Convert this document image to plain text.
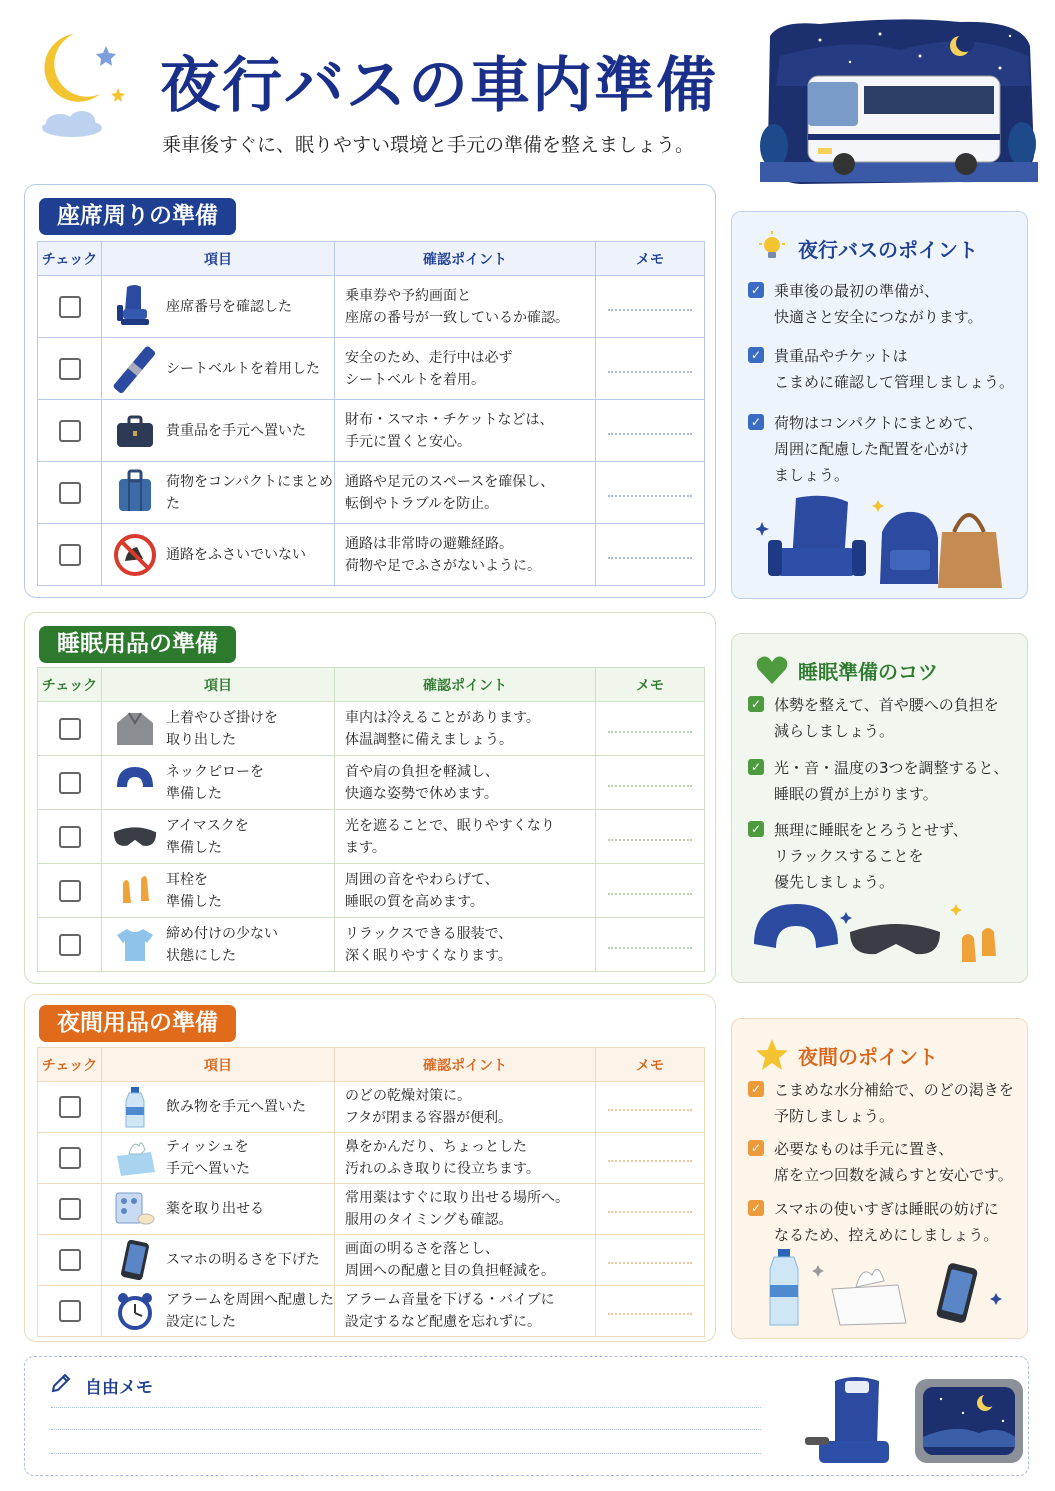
夜行バスの車内準備
乗車後すぐに、眠りやすい環境と手元の準備を整えましょう。
座席周りの準備
チェック	項目	確認ポイント	メモ

	座席番号を確認した	乗車券や予約画面と
座席の番号が一致しているか確認。	

	シートベルトを着用した	安全のため、走行中は必ず
シートベルトを着用。	

	貴重品を手元へ置いた	財布・スマホ・チケットなどは、
手元に置くと安心。	

	荷物をコンパクトにまとめた	通路や足元のスペースを確保し、
転倒やトラブルを防止。	

	通路をふさいでいない	通路は非常時の避難経路。
荷物や足でふさがないように。	
睡眠用品の準備
チェック	項目	確認ポイント	メモ

	上着やひざ掛けを
取り出した	車内は冷えることがあります。
体温調整に備えましょう。	

	ネックピローを
準備した	首や肩の負担を軽減し、
快適な姿勢で休めます。	

	アイマスクを
準備した	光を遮ることで、眠りやすくなり
ます。	

	耳栓を
準備した	周囲の音をやわらげて、
睡眠の質を高めます。	

	締め付けの少ない
状態にした	リラックスできる服装で、
深く眠りやすくなります。	
夜間用品の準備
チェック	項目	確認ポイント	メモ

	飲み物を手元へ置いた	のどの乾燥対策に。
フタが閉まる容器が便利。	

	ティッシュを
手元へ置いた	鼻をかんだり、ちょっとした
汚れのふき取りに役立ちます。	

	薬を取り出せる	常用薬はすぐに取り出せる場所へ。
服用のタイミングも確認。	

	スマホの明るさを下げた	画面の明るさを落とし、
周囲への配慮と目の負担軽減を。	

	アラームを周囲へ配慮した
設定にした	アラーム音量を下げる・バイブに
設定するなど配慮を忘れずに。	
夜行バスのポイント
✓ 乗車後の最初の準備が、
快適さと安全につながります。
✓ 貴重品やチケットは
こまめに確認して管理しましょう。
✓ 荷物はコンパクトにまとめて、
周囲に配慮した配置を心がけ
ましょう。
睡眠準備のコツ
✓ 体勢を整えて、首や腰への負担を
減らしましょう。
✓ 光・音・温度の3つを調整すると、
睡眠の質が上がります。
✓ 無理に睡眠をとろうとせず、
リラックスすることを
優先しましょう。
夜間のポイント
✓ こまめな水分補給で、のどの渇きを
予防しましょう。
✓ 必要なものは手元に置き、
席を立つ回数を減らすと安心です。
✓ スマホの使いすぎは睡眠の妨げに
なるため、控えめにしましょう。
自由メモ
